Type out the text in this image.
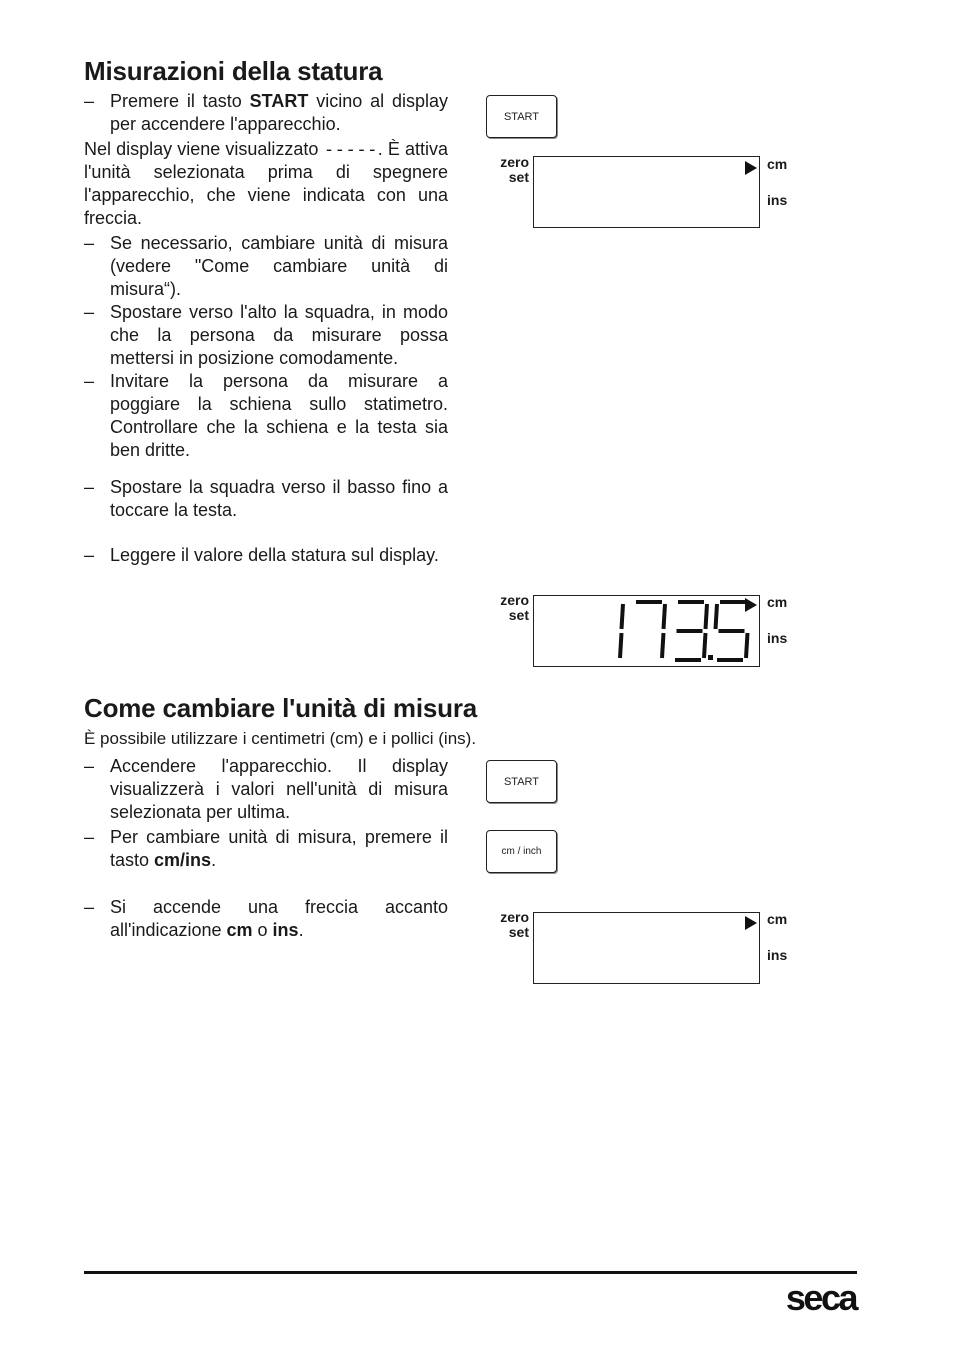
Misurazioni della statura
– Premere il tasto START vicino al display per accendere l'apparecchio.
Nel display viene visualizzato -----. È attiva l'unità selezionata prima di spegnere l'apparecchio, che viene indicata con una freccia.
– Se necessario, cambiare unità di misura (vedere "Come cambiare unità di misura“).
– Spostare verso l'alto la squadra, in modo che la persona da misurare possa mettersi in posizione comodamente.
– Invitare la persona da misurare a poggiare la schiena sullo statimetro. Controllare che la schiena e la testa sia ben dritte.
– Spostare la squadra verso il basso fino a toccare la testa.
– Leggere il valore della statura sul display.
START
zero
set
cm
ins
zero
set
cm
ins
Come cambiare l'unità di misura
È possibile utilizzare i centimetri (cm) e i pollici (ins).
– Accendere l'apparecchio. Il display visualizzerà i valori nell'unità di misura selezionata per ultima.
– Per cambiare unità di misura, premere il tasto cm/ins.
– Si accende una freccia accanto all'indicazione cm o ins.
START
cm / inch
zero
set
cm
ins
seca
